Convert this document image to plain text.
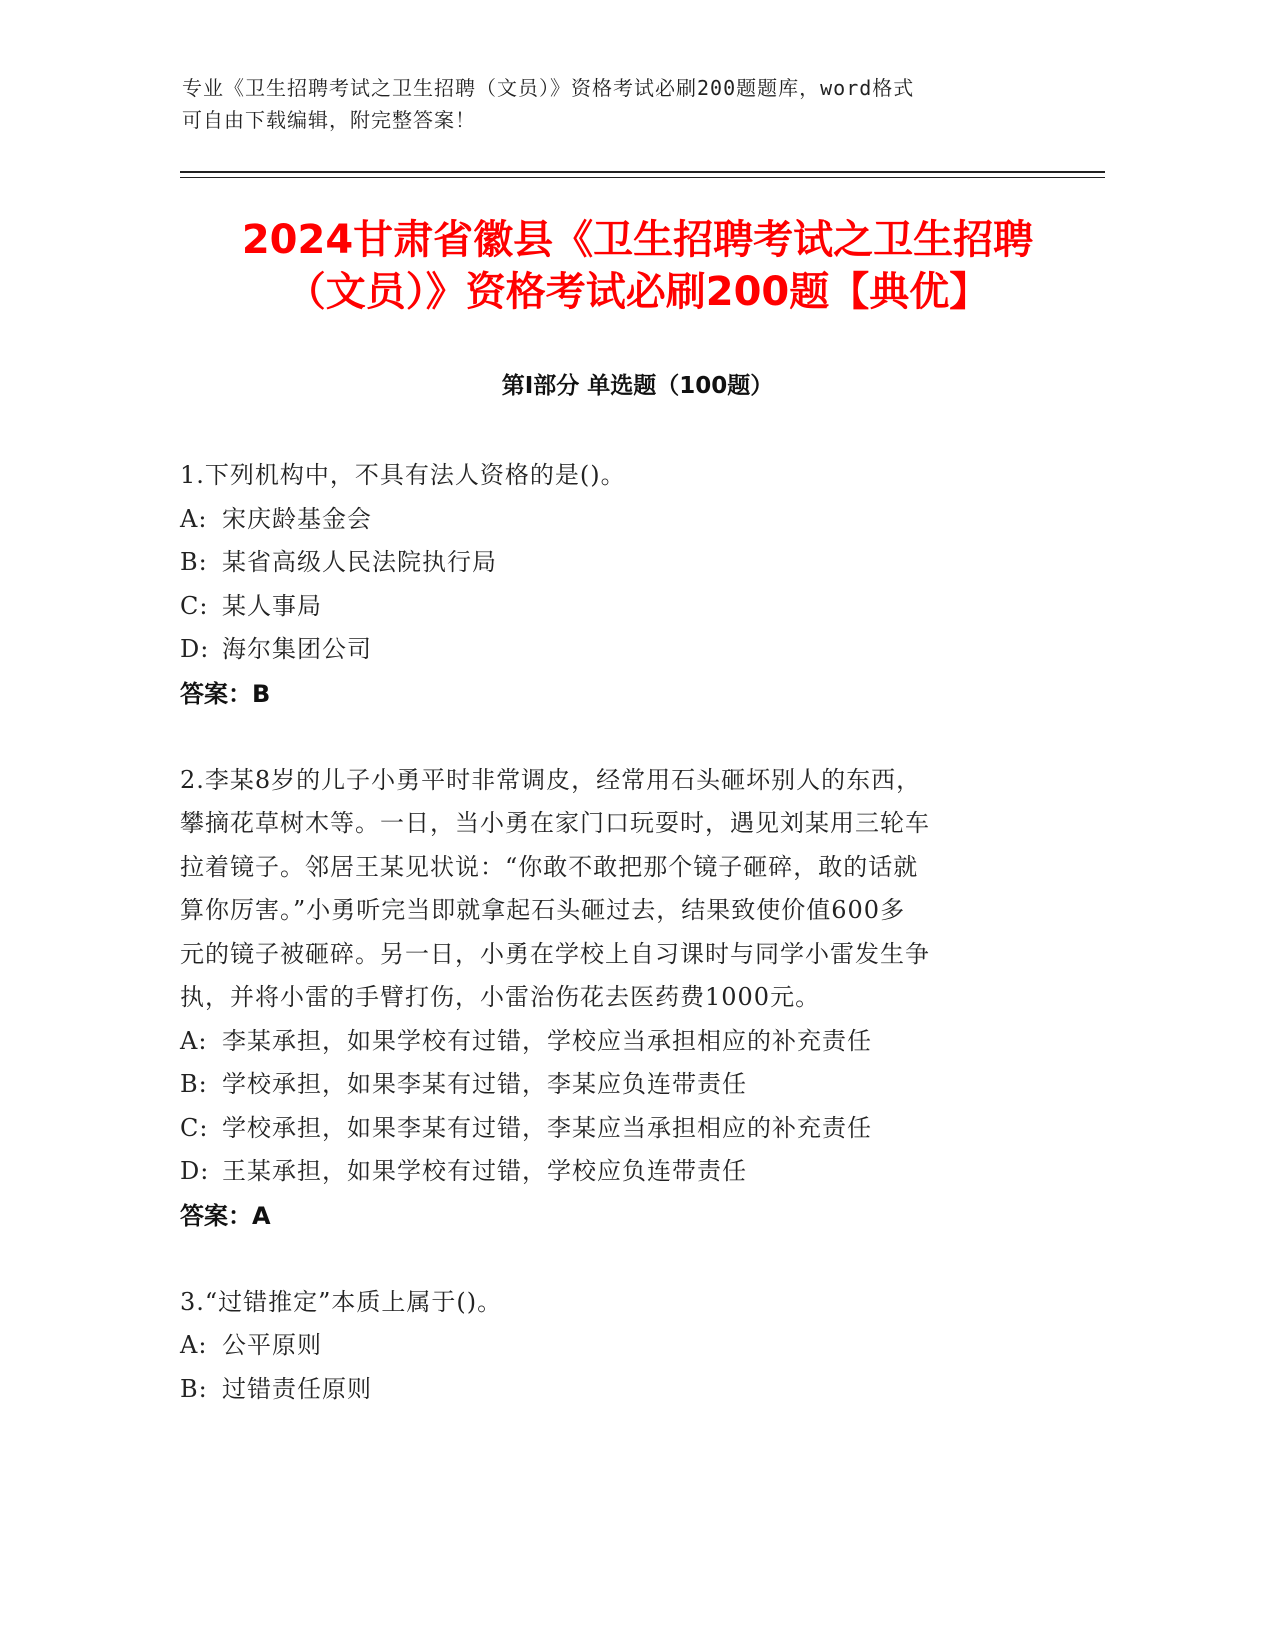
专业《卫生招聘考试之卫生招聘（文员）》资格考试必刷200题题库，word格式
可自由下载编辑，附完整答案！
2024甘肃省徽县《卫生招聘考试之卫生招聘
（文员）》资格考试必刷200题【典优】
第Ⅰ部分 单选题（100题）
1.下列机构中，不具有法人资格的是()。
A: 宋庆龄基金会
B: 某省高级人民法院执行局
C: 某人事局
D: 海尔集团公司
答案：B
2.李某8岁的儿子小勇平时非常调皮，经常用石头砸坏别人的东西，
攀摘花草树木等。一日，当小勇在家门口玩耍时，遇见刘某用三轮车
拉着镜子。邻居王某见状说：“你敢不敢把那个镜子砸碎，敢的话就
算你厉害。”小勇听完当即就拿起石头砸过去，结果致使价值600多
元的镜子被砸碎。另一日，小勇在学校上自习课时与同学小雷发生争
执，并将小雷的手臂打伤，小雷治伤花去医药费1000元。
A: 李某承担，如果学校有过错，学校应当承担相应的补充责任
B: 学校承担，如果李某有过错，李某应负连带责任
C: 学校承担，如果李某有过错，李某应当承担相应的补充责任
D: 王某承担，如果学校有过错，学校应负连带责任
答案：A
3.“过错推定”本质上属于()。
A: 公平原则
B: 过错责任原则
